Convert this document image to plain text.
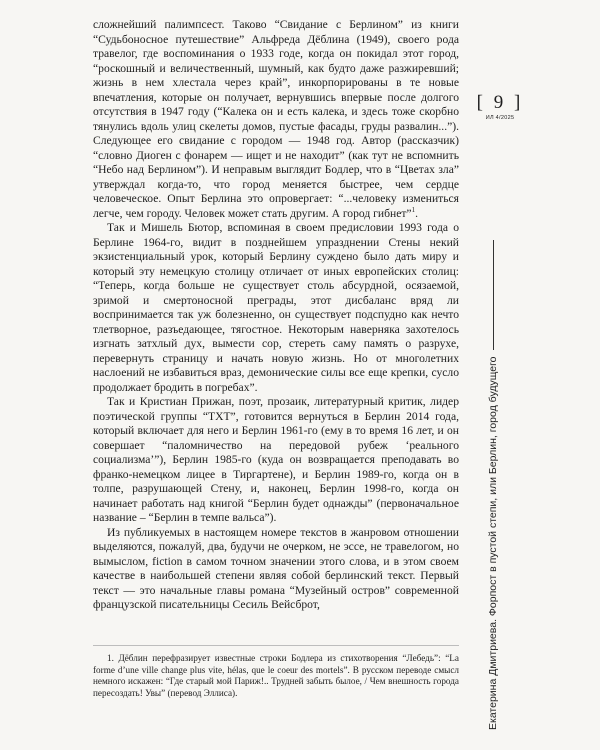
сложнейший палимпсест. Таково “Свидание с Берлином” из книги “Судьбоносное путешествие” Альфреда Дёблина (1949), своего рода травелог, где воспоминания о 1933 годе, когда он покидал этот город, “роскошный и величественный, шумный, как будто даже разжиревший; жизнь в нем хлестала через край”, инкорпорированы в те новые впечатления, которые он получает, вернувшись впервые после долгого отсутствия в 1947 году (“Калека он и есть калека, и здесь тоже скорбно тянулись вдоль улиц скелеты домов, пустые фасады, груды развалин...”). Следующее его свидание с городом — 1948 год. Автор (рассказчик) “словно Диоген с фонарем — ищет и не находит” (как тут не вспомнить “Небо над Берлином”). И неправым выглядит Бодлер, что в “Цветах зла” утверждал когда-то, что город меняется быстрее, чем сердце человеческое. Опыт Берлина это опровергает: “...человеку измениться легче, чем городу. Человек может стать другим. А город гибнет”$^1$.

Так и Мишель Бютор, вспоминая в своем предисловии 1993 года о Берлине 1964-го, видит в позднейшем упразднении Стены некий экзистенциальный урок, который Берлину суждено было дать миру и который эту немецкую столицу отличает от иных европейских столиц: “Теперь, когда больше не существует столь абсурдной, осязаемой, зримой и смертоносной преграды, этот дисбаланс вряд ли воспринимается так уж болезненно, он существует подспудно как нечто тлетворное, разъедающее, тягостное. Некоторым наверняка захотелось изгнать затхлый дух, вымести сор, стереть саму память о разрухе, перевернуть страницу и начать новую жизнь. Но от многолетних наслоений не избавиться враз, демонические силы все еще крепки, сусло продолжает бродить в погребах”.

Так и Кристиан Прижан, поэт, прозаик, литературный критик, лидер поэтической группы “TXT”, готовится вернуться в Берлин 2014 года, который включает для него и Берлин 1961-го (ему в то время 16 лет, и он совершает “паломничество на передовой рубеж ‘реального социализма’”), Берлин 1985-го (куда он возвращается преподавать во франко-немецком лицее в Тиргартене), и Берлин 1989-го, когда он в толпе, разрушающей Стену, и, наконец, Берлин 1998-го, когда он начинает работать над книгой “Берлин будет однажды” (первоначальное название – “Берлин в темпе вальса”).

Из публикуемых в настоящем номере текстов в жанровом отношении выделяются, пожалуй, два, будучи не очерком, не эссе, не травелогом, но вымыслом, fiction в самом точном значении этого слова, и в этом своем качестве в наибольшей степени являя собой берлинский текст. Первый текст — это начальные главы романа “Музейный остров” современной французской писательницы Сесиль Вейсброт,

1. Дёблин перефразирует известные строки Бодлера из стихотворения “Лебедь”: “La forme d’une ville change plus vite, hélas, que le coeur des mortels”. В русском переводе смысл немного искажен: “Где старый мой Париж!.. Трудней забыть былое, / Чем внешность города пересоздать! Увы” (перевод Эллиса).

[ 9 ]
ИЛ 4/2025
Екатерина Дмитриева. Форпост в пустой степи, или Берлин, город будущего
